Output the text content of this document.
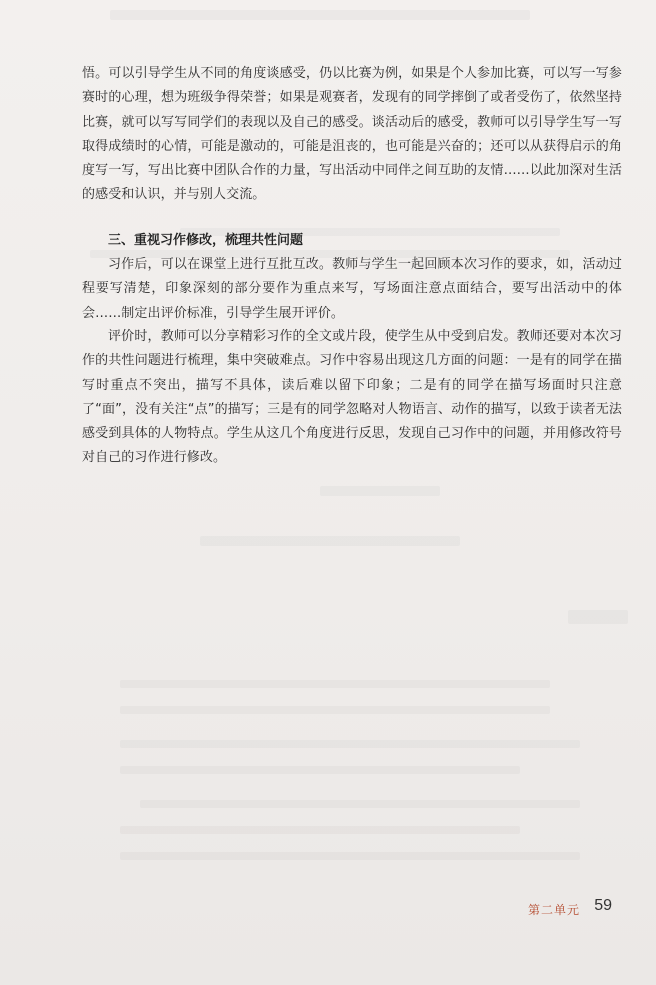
悟。可以引导学生从不同的角度谈感受，仍以比赛为例，如果是个人参加比赛，可以写一写参赛时的心理，想为班级争得荣誉；如果是观赛者，发现有的同学摔倒了或者受伤了，依然坚持比赛，就可以写写同学们的表现以及自己的感受。谈活动后的感受，教师可以引导学生写一写取得成绩时的心情，可能是激动的，可能是沮丧的，也可能是兴奋的；还可以从获得启示的角度写一写，写出比赛中团队合作的力量，写出活动中同伴之间互助的友情……以此加深对生活的感受和认识，并与别人交流。

三、重视习作修改，梳理共性问题

习作后，可以在课堂上进行互批互改。教师与学生一起回顾本次习作的要求，如，活动过程要写清楚，印象深刻的部分要作为重点来写，写场面注意点面结合，要写出活动中的体会……制定出评价标准，引导学生展开评价。

评价时，教师可以分享精彩习作的全文或片段，使学生从中受到启发。教师还要对本次习作的共性问题进行梳理，集中突破难点。习作中容易出现这几方面的问题：一是有的同学在描写时重点不突出，描写不具体，读后难以留下印象；二是有的同学在描写场面时只注意了“面”，没有关注“点”的描写；三是有的同学忽略对人物语言、动作的描写，以致于读者无法感受到具体的人物特点。学生从这几个角度进行反思，发现自己习作中的问题，并用修改符号对自己的习作进行修改。

第二单元 59
